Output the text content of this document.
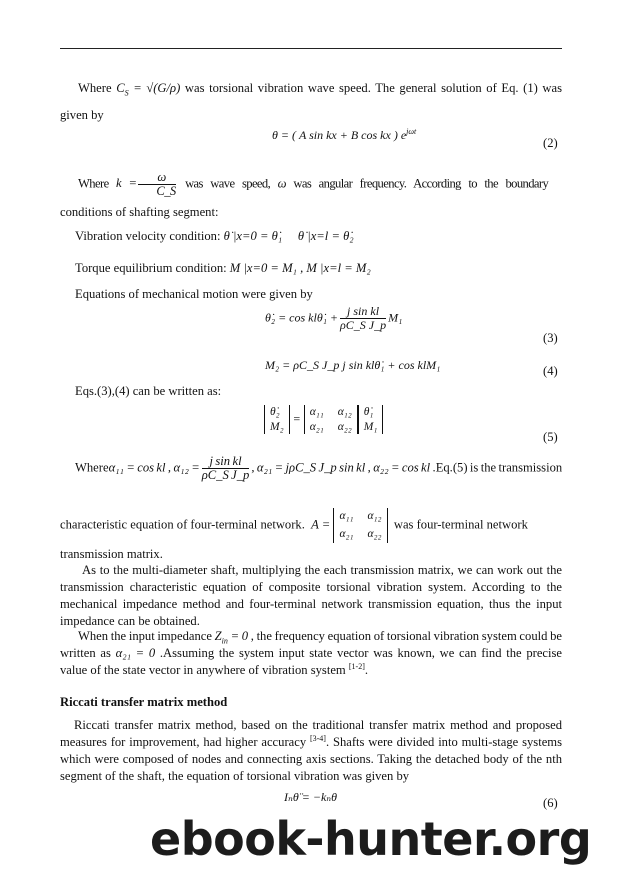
Where $C_S = √(G/\rho)$ was torsional vibration wave speed. The general solution of Eq. (1) was
given by
θ = ( A sin kx + B cos kx ) $e^{j\omega t}$
(2)
Where $k = \frac{\omega}{C\_S}$ was wave speed, ω was angular frequency. According to the boundary
conditions of shafting segment:
Vibration velocity condition: θ̇ |x=0 = θ̇₁ θ̇ |x=l = θ̇₂
Torque equilibrium condition: M |x=0 = M₁ , M |x=l = M₂
Equations of mechanical motion were given by
θ̇₂ = cos klθ̇₁ + $\frac{\text{j sin kl}}{\text{ρC\_S J\_p}} M_1$
(3)
M₂ = ρC_S J_p j sin klθ̇₁ + cos klM₁	(4)
Eqs.(3),(4) can be written as:
θ̇₂
M₂
= α₁₁ α₁₂
α₂₁ α₂₂
θ̇₁
M₁
(5)
Whereα₁₁ = cos kl , $\alpha_{12} = \frac{\text{j sin kl}}{\text{ρC\_S J\_p}}$ , α₂₁ = jρC_S J_p sin kl , α₂₂ = cos kl .Eq.(5) is the transmission
characteristic equation of four-terminal network. A =
α₁₁ α₁₂
α₂₁ α₂₂
was four-terminal network
transmission matrix.
As to the multi-diameter shaft, multiplying the each transmission matrix, we can work out the
transmission characteristic equation of composite torsional vibration system. According to the
mechanical impedance method and four-terminal network transmission equation, thus the input
impedance can be obtained.
When the input impedance $Z_{in} = 0$ , the frequency equation of torsional vibration system could be
written as α₂₁ = 0 .Assuming the system input state vector was known, we can find the precise
value of the state vector in anywhere of vibration system [1-2].
Riccati transfer matrix method
Riccati transfer matrix method, based on the traditional transfer matrix method and proposed
measures for improvement, had higher accuracy [3-4]. Shafts were divided into multi-stage systems
which were composed of nodes and connecting axis sections. Taking the detached body of the nth
segment of the shaft, the equation of torsional vibration was given by
Iₙθ̈ = −kₙθ	(6)
ebook-hunter.org
